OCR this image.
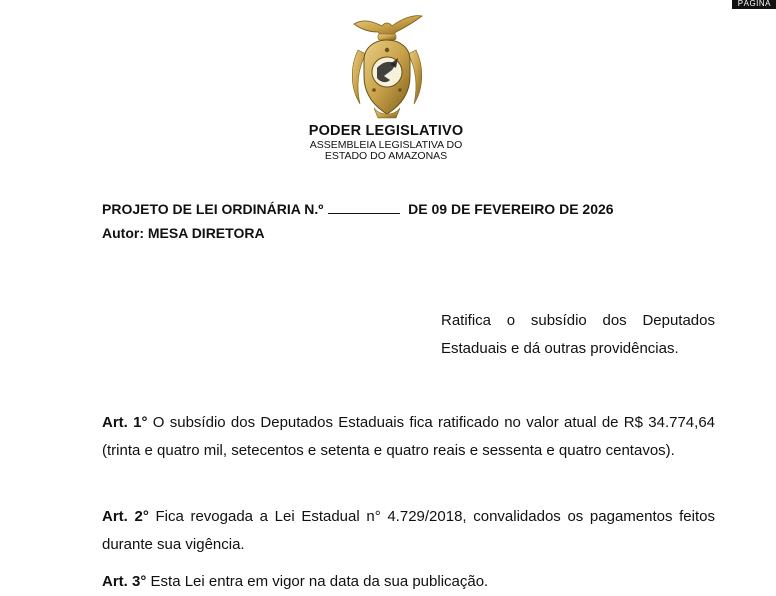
PÁGINA
PODER LEGISLATIVO
ASSEMBLEIA LEGISLATIVA DO
ESTADO DO AMAZONAS
PROJETO DE LEI ORDINÁRIA N.º	DE 09 DE FEVEREIRO DE 2026
Autor: MESA DIRETORA
Ratifica o subsídio dos Deputados Estaduais e dá outras providências.
Art. 1° O subsídio dos Deputados Estaduais fica ratificado no valor atual de R$ 34.774,64 (trinta e quatro mil, setecentos e setenta e quatro reais e sessenta e quatro centavos).
Art. 2° Fica revogada a Lei Estadual n° 4.729/2018, convalidados os pagamentos feitos durante sua vigência.
Art. 3° Esta Lei entra em vigor na data da sua publicação.
